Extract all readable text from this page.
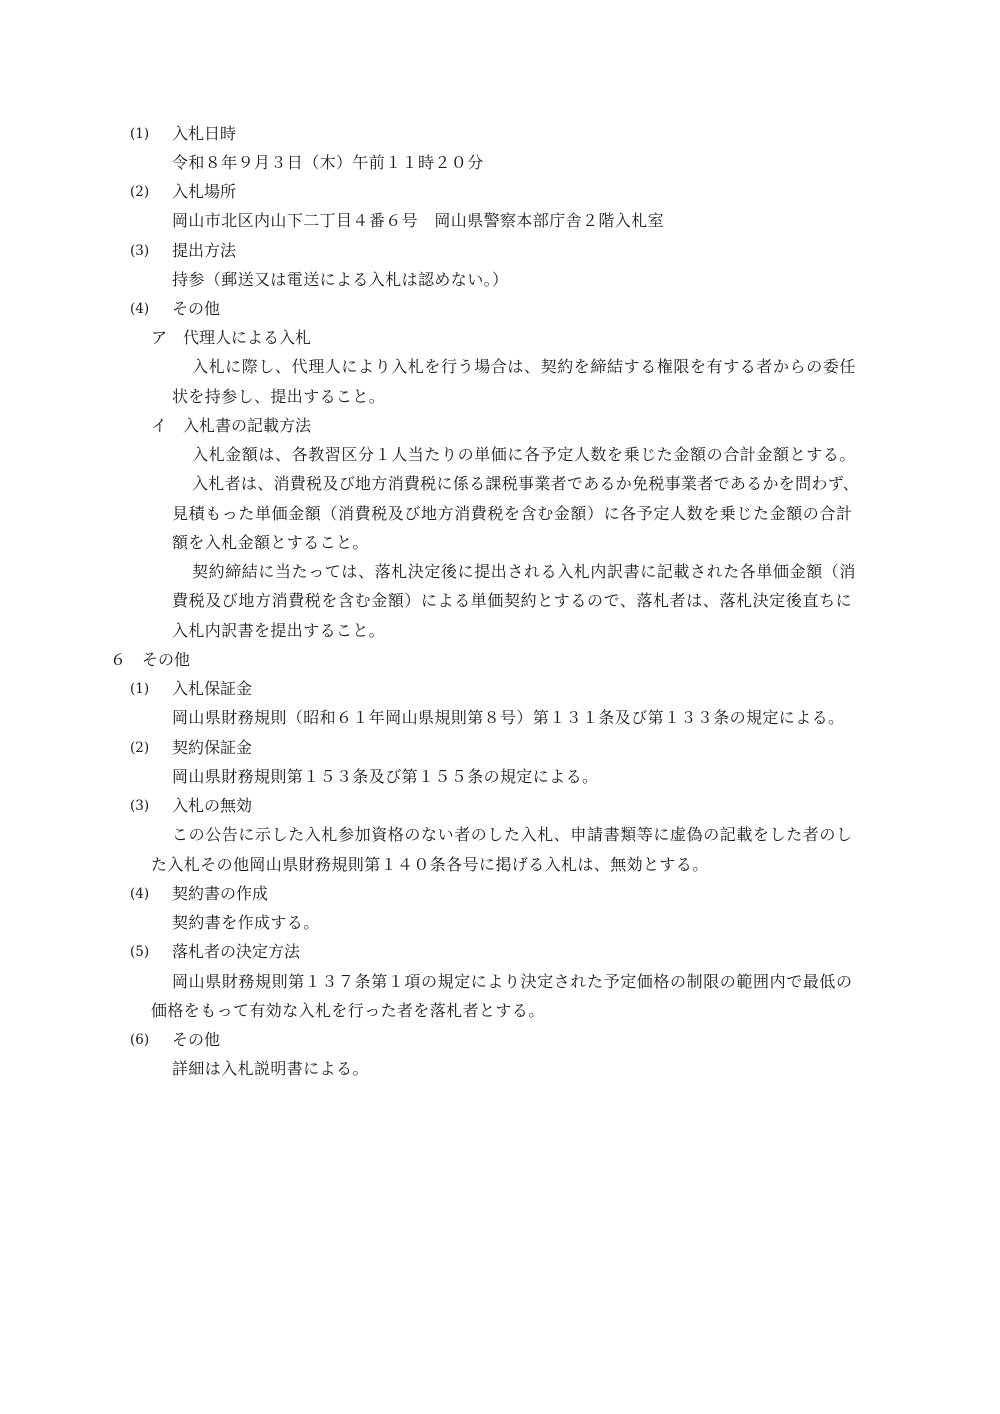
(1) 入札日時
令和８年９月３日（木）午前１１時２０分
(2) 入札場所
岡山市北区内山下二丁目４番６号　岡山県警察本部庁舎２階入札室
(3) 提出方法
持参（郵送又は電送による入札は認めない。）
(4) その他
ア　代理人による入札
入札に際し、代理人により入札を行う場合は、契約を締結する権限を有する者からの委任
状を持参し、提出すること。
イ　入札書の記載方法
入札金額は、各教習区分１人当たりの単価に各予定人数を乗じた金額の合計金額とする。
入札者は、消費税及び地方消費税に係る課税事業者であるか免税事業者であるかを問わず、
見積もった単価金額（消費税及び地方消費税を含む金額）に各予定人数を乗じた金額の合計
額を入札金額とすること。
契約締結に当たっては、落札決定後に提出される入札内訳書に記載された各単価金額（消
費税及び地方消費税を含む金額）による単価契約とするので、落札者は、落札決定後直ちに
入札内訳書を提出すること。
６　その他
(1) 入札保証金
岡山県財務規則（昭和６１年岡山県規則第８号）第１３１条及び第１３３条の規定による。
(2) 契約保証金
岡山県財務規則第１５３条及び第１５５条の規定による。
(3) 入札の無効
この公告に示した入札参加資格のない者のした入札、申請書類等に虚偽の記載をした者のし
た入札その他岡山県財務規則第１４０条各号に掲げる入札は、無効とする。
(4) 契約書の作成
契約書を作成する。
(5) 落札者の決定方法
岡山県財務規則第１３７条第１項の規定により決定された予定価格の制限の範囲内で最低の
価格をもって有効な入札を行った者を落札者とする。
(6) その他
詳細は入札説明書による。
